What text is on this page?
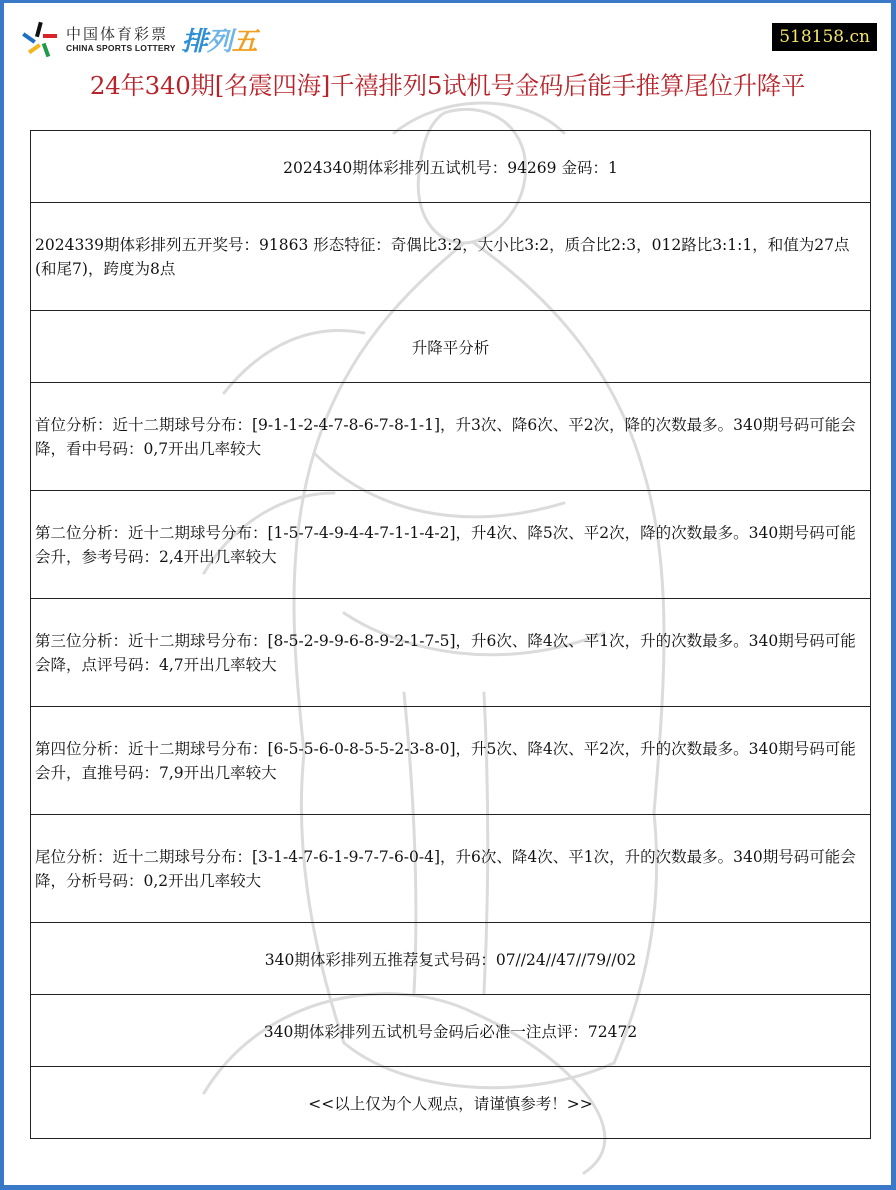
中国体育彩票
CHINA SPORTS LOTTERY 排列五	518158.cn
24年340期[名震四海]千禧排列5试机号金码后能手推算尾位升降平
2024340期体彩排列五试机号：94269 金码：1
2024339期体彩排列五开奖号：91863 形态特征：奇偶比3:2，大小比3:2，质合比2:3，012路比3:1:1，和值为27点(和尾7)，跨度为8点
升降平分析
首位分析：近十二期球号分布：[9-1-1-2-4-7-8-6-7-8-1-1]，升3次、降6次、平2次，降的次数最多。340期号码可能会降，看中号码：0,7开出几率较大
第二位分析：近十二期球号分布：[1-5-7-4-9-4-4-7-1-1-4-2]，升4次、降5次、平2次，降的次数最多。340期号码可能会升，参考号码：2,4开出几率较大
第三位分析：近十二期球号分布：[8-5-2-9-9-6-8-9-2-1-7-5]，升6次、降4次、平1次，升的次数最多。340期号码可能会降，点评号码：4,7开出几率较大
第四位分析：近十二期球号分布：[6-5-5-6-0-8-5-5-2-3-8-0]，升5次、降4次、平2次，升的次数最多。340期号码可能会升，直推号码：7,9开出几率较大
尾位分析：近十二期球号分布：[3-1-4-7-6-1-9-7-7-6-0-4]，升6次、降4次、平1次，升的次数最多。340期号码可能会降，分析号码：0,2开出几率较大
340期体彩排列五推荐复式号码：07//24//47//79//02
340期体彩排列五试机号金码后必准一注点评：72472
<<以上仅为个人观点，请谨慎参考！>>
